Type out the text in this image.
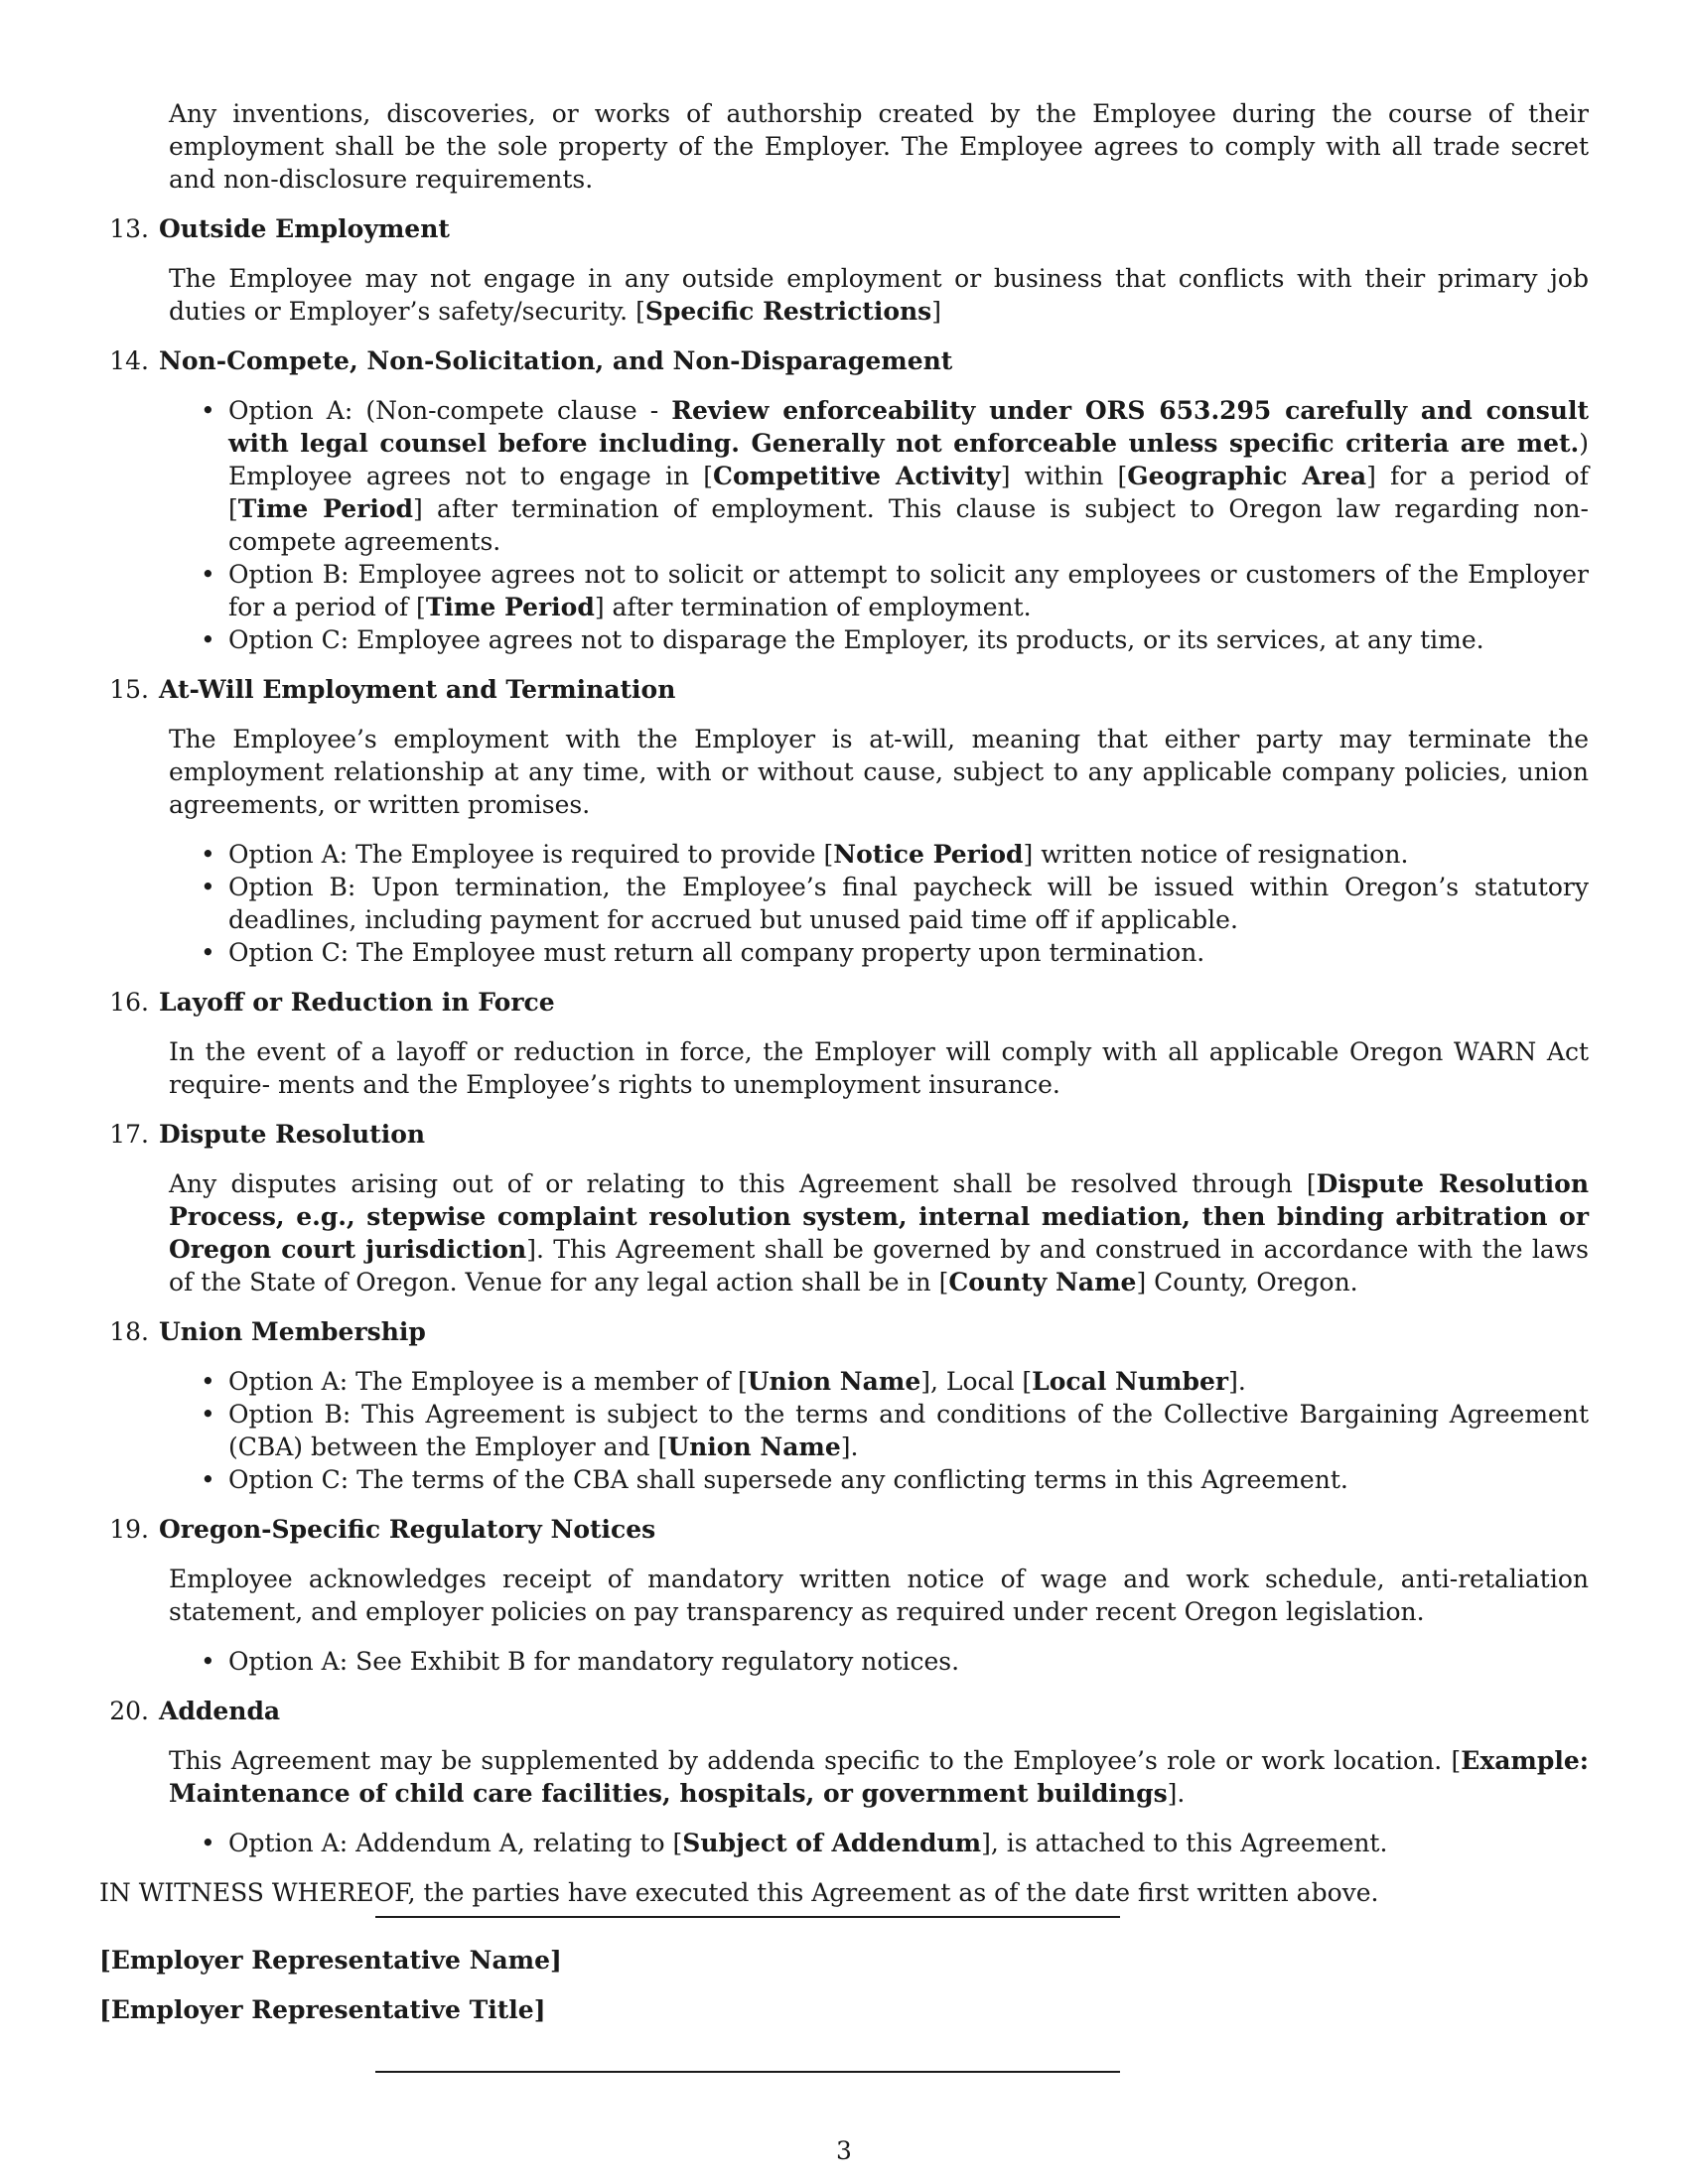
Any inventions, discoveries, or works of authorship created by the Employee during the course of their employment shall be the sole property of the Employer. The Employee agrees to comply with all trade secret and non-disclosure requirements.

13. Outside Employment

The Employee may not engage in any outside employment or business that conflicts with their primary job duties or Employer’s safety/security. [Specific Restrictions]

14. Non-Compete, Non-Solicitation, and Non-Disparagement
• Option A: (Non-compete clause - Review enforceability under ORS 653.295 carefully and consult with legal counsel before including. Generally not enforceable unless specific criteria are met.) Employee agrees not to engage in [Competitive Activity] within [Geographic Area] for a period of [Time Period] after termination of employment. This clause is subject to Oregon law regarding non-compete agreements.
• Option B: Employee agrees not to solicit or attempt to solicit any employees or customers of the Employer for a period of [Time Period] after termination of employment.
• Option C: Employee agrees not to disparage the Employer, its products, or its services, at any time.
15. At-Will Employment and Termination

The Employee’s employment with the Employer is at-will, meaning that either party may terminate the employment relationship at any time, with or without cause, subject to any applicable company policies, union agreements, or written promises.

• Option A: The Employee is required to provide [Notice Period] written notice of resignation.
• Option B: Upon termination, the Employee’s final paycheck will be issued within Oregon’s statutory deadlines, including payment for accrued but unused paid time off if applicable.
• Option C: The Employee must return all company property upon termination.
16. Layoff or Reduction in Force

In the event of a layoff or reduction in force, the Employer will comply with all applicable Oregon WARN Act require- ments and the Employee’s rights to unemployment insurance.

17. Dispute Resolution

Any disputes arising out of or relating to this Agreement shall be resolved through [Dispute Resolution Process, e.g., stepwise complaint resolution system, internal mediation, then binding arbitration or Oregon court jurisdiction]. This Agreement shall be governed by and construed in accordance with the laws of the State of Oregon. Venue for any legal action shall be in [County Name] County, Oregon.

18. Union Membership
• Option A: The Employee is a member of [Union Name], Local [Local Number].
• Option B: This Agreement is subject to the terms and conditions of the Collective Bargaining Agreement (CBA) between the Employer and [Union Name].
• Option C: The terms of the CBA shall supersede any conflicting terms in this Agreement.
19. Oregon-Specific Regulatory Notices

Employee acknowledges receipt of mandatory written notice of wage and work schedule, anti-retaliation statement, and employer policies on pay transparency as required under recent Oregon legislation.

• Option A: See Exhibit B for mandatory regulatory notices.
20. Addenda

This Agreement may be supplemented by addenda specific to the Employee’s role or work location. [Example: Maintenance of child care facilities, hospitals, or government buildings].

• Option A: Addendum A, relating to [Subject of Addendum], is attached to this Agreement.

IN WITNESS WHEREOF, the parties have executed this Agreement as of the date first written above.

[Employer Representative Name]
[Employer Representative Title]
3
